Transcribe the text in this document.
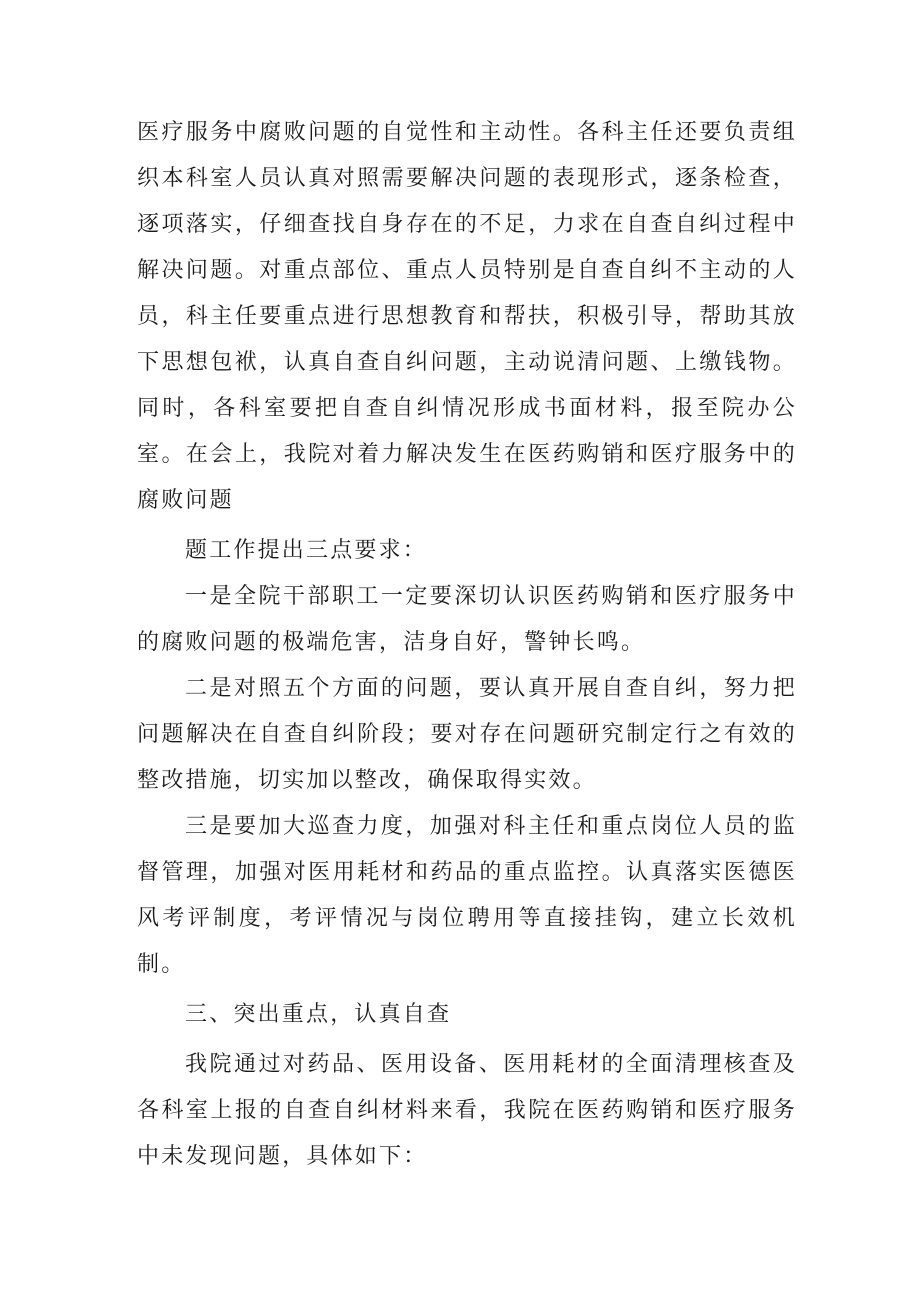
医疗服务中腐败问题的自觉性和主动性。各科主任还要负责组织本科室人员认真对照需要解决问题的表现形式，逐条检查，逐项落实，仔细查找自身存在的不足，力求在自查自纠过程中解决问题。对重点部位、重点人员特别是自查自纠不主动的人员，科主任要重点进行思想教育和帮扶，积极引导，帮助其放下思想包袱，认真自查自纠问题，主动说清问题、上缴钱物。同时，各科室要把自查自纠情况形成书面材料，报至院办公室。在会上，我院对着力解决发生在医药购销和医疗服务中的腐败问题

题工作提出三点要求：

一是全院干部职工一定要深切认识医药购销和医疗服务中的腐败问题的极端危害，洁身自好，警钟长鸣。

二是对照五个方面的问题，要认真开展自查自纠，努力把问题解决在自查自纠阶段；要对存在问题研究制定行之有效的整改措施，切实加以整改，确保取得实效。

三是要加大巡查力度，加强对科主任和重点岗位人员的监督管理，加强对医用耗材和药品的重点监控。认真落实医德医风考评制度，考评情况与岗位聘用等直接挂钩，建立长效机制。

三、突出重点，认真自查

我院通过对药品、医用设备、医用耗材的全面清理核查及各科室上报的自查自纠材料来看，我院在医药购销和医疗服务中未发现问题，具体如下：
